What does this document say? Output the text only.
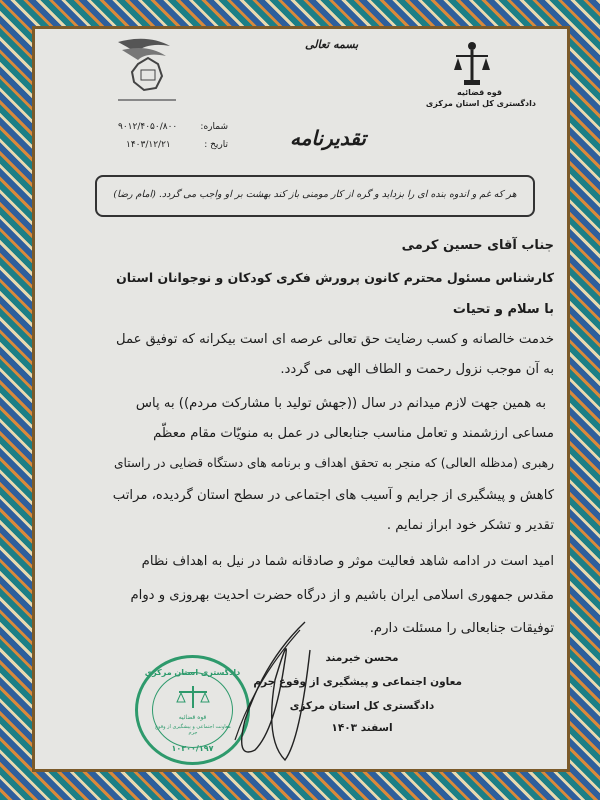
بسمه تعالی
قوه قضائیه
دادگستری کل استان مرکزی
شماره:
۹۰۱۲/۴۰۵۰/۸۰۰
تاریخ :
۱۴۰۳/۱۲/۲۱	تقدیرنامه
هر که غم و اندوه بنده ای را بزداید و گره از کار مومنی باز کند بهشت بر او واجب می گردد. (امام رضا)
جناب آقای حسین کرمی
کارشناس مسئول محترم کانون پرورش فکری کودکان و نوجوانان استان
با سلام و تحیات
خدمت خالصانه و کسب رضایت حق تعالی عرصه ای است بیکرانه که توفیق عمل
به آن موجب نزول رحمت و الطاف الهی می گردد.
به همین جهت لازم میدانم در سال ((جهش تولید با مشارکت مردم)) به پاس
مساعی ارزشمند و تعامل مناسب جنابعالی در عمل به منویّات مقام معظّم
رهبری (مدظله العالی) که منجر به تحقق اهداف و برنامه های دستگاه قضایی در راستای
کاهش و پیشگیری از جرایم و آسیب های اجتماعی در سطح استان گردیده، مراتب
تقدیر و تشکر خود ابراز نمایم .
امید است در ادامه شاهد فعالیت موثر و صادقانه شما در نیل به اهداف نظام
مقدس جمهوری اسلامی ایران باشیم و از درگاه حضرت احدیت بهروزی و دوام
توفیقات جنابعالی را مسئلت دارم.
دادگستری استان مرکزی
قوه قضائیه
معاونت اجتماعی و پیشگیری از وقوع جرم
۱۰۳۰۰/۱۹۷
محسن خیرمند
معاون اجتماعی و پیشگیری از وقوع جرم
دادگستری کل استان مرکزی
اسفند ۱۴۰۳
